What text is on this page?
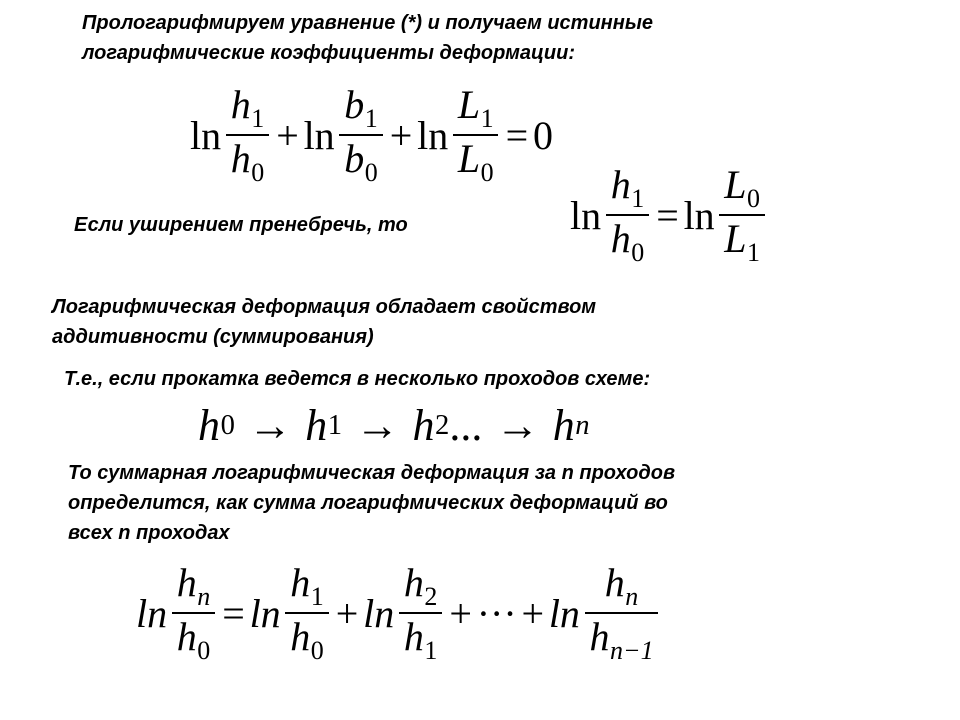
Прологарифмируем уравнение (*) и получаем истинные
логарифмические коэффициенты деформации:
$\ln \frac{h_1}{h_0} + \ln \frac{b_1}{b_0} + \ln \frac{L_1}{L_0} = 0$
Если уширением пренебречь, то	$\ln \frac{h_1}{h_0} = \ln \frac{L_0}{L_1}$
Логарифмическая деформация обладает свойством
аддитивности (суммирования)
Т.е., если прокатка ведется в несколько проходов схеме:
h 0 → h 1 → h 2 ... → h n
То суммарная логарифмическая деформация за n проходов
определится, как сумма логарифмических деформаций во
всех n проходах
$\ln \frac{h_n}{h_0} = \ln \frac{h_1}{h_0} + \ln \frac{h_2}{h_1}$ + ··· + $\ln \frac{h_n}{h_{n-1}}$
